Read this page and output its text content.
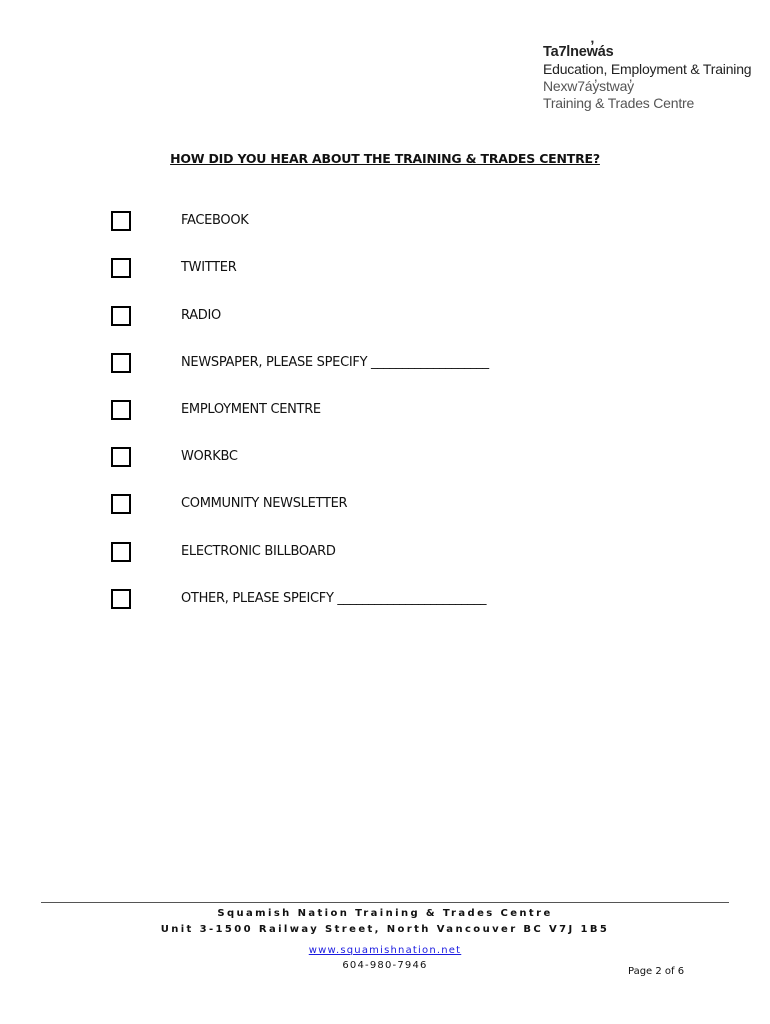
Ta7lnew̓ás
Education, Employment & Training
Nexw7áy̓stway̓
Training & Trades Centre
HOW DID YOU HEAR ABOUT THE TRAINING & TRADES CENTRE?
FACEBOOK
TWITTER
RADIO
NEWSPAPER, PLEASE SPECIFY ___________________
EMPLOYMENT CENTRE
WORKBC
COMMUNITY NEWSLETTER
ELECTRONIC BILLBOARD
OTHER, PLEASE SPEICFY ________________________
Squamish Nation Training & Trades Centre
Unit 3-1500 Railway Street, North Vancouver BC V7J 1B5
www.squamishnation.net
604-980-7946
Page 2 of 6
